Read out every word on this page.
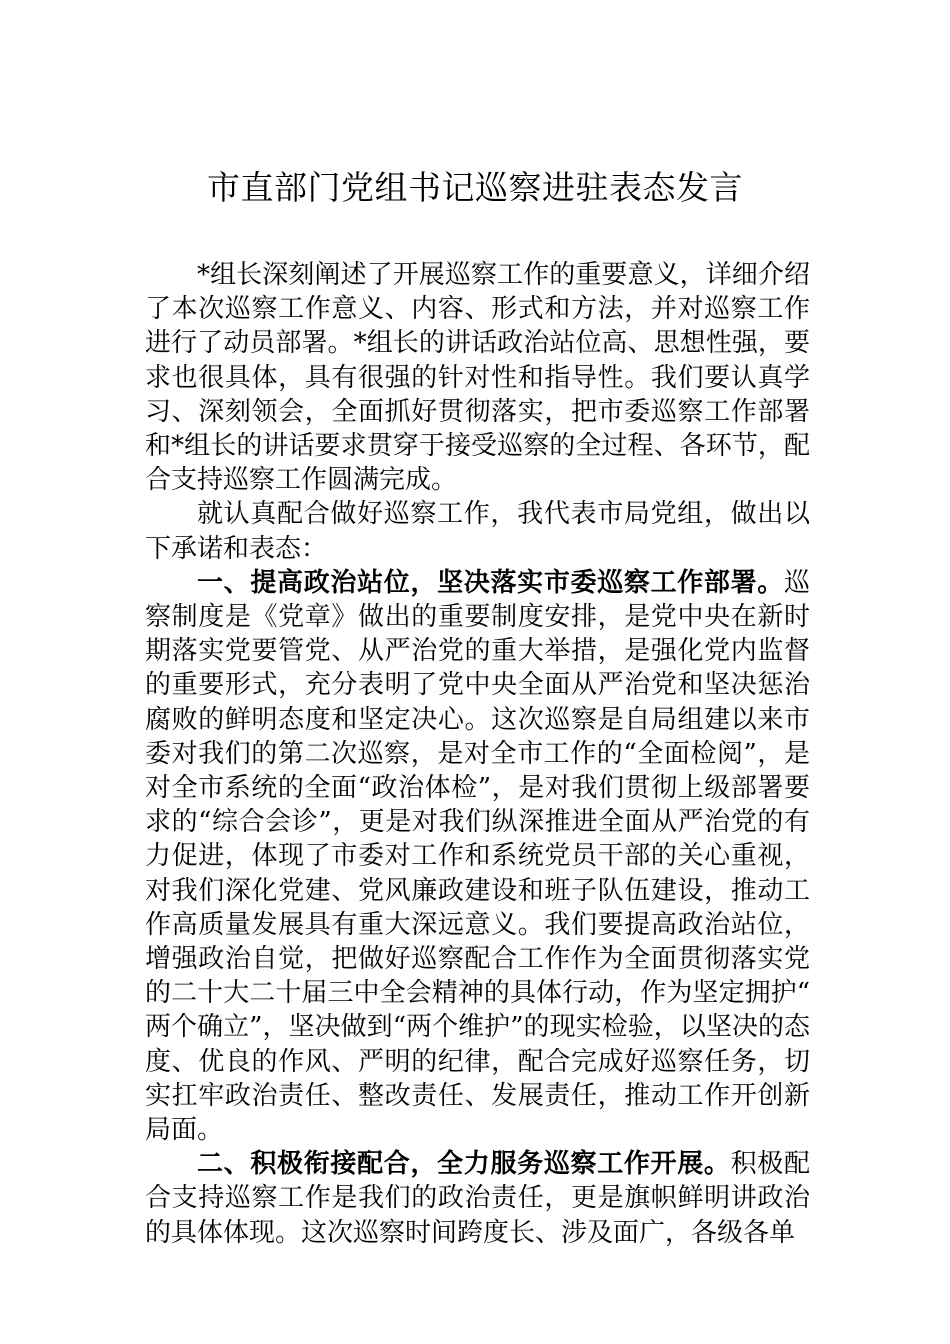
市直部门党组书记巡察进驻表态发言

*组长深刻阐述了开展巡察工作的重要意义，详细介绍了本次巡察工作意义、内容、形式和方法，并对巡察工作进行了动员部署。*组长的讲话政治站位高、思想性强，要求也很具体，具有很强的针对性和指导性。我们要认真学习、深刻领会，全面抓好贯彻落实，把市委巡察工作部署和*组长的讲话要求贯穿于接受巡察的全过程、各环节，配合支持巡察工作圆满完成。

就认真配合做好巡察工作，我代表市局党组，做出以下承诺和表态：

一、提高政治站位，坚决落实市委巡察工作部署。巡察制度是《党章》做出的重要制度安排，是党中央在新时期落实党要管党、从严治党的重大举措，是强化党内监督的重要形式，充分表明了党中央全面从严治党和坚决惩治腐败的鲜明态度和坚定决心。这次巡察是自局组建以来市委对我们的第二次巡察，是对全市工作的“全面检阅”，是对全市系统的全面“政治体检”，是对我们贯彻上级部署要求的“综合会诊”，更是对我们纵深推进全面从严治党的有力促进，体现了市委对工作和系统党员干部的关心重视，对我们深化党建、党风廉政建设和班子队伍建设，推动工作高质量发展具有重大深远意义。我们要提高政治站位，增强政治自觉，把做好巡察配合工作作为全面贯彻落实党的二十大二十届三中全会精神的具体行动，作为坚定拥护“两个确立”，坚决做到“两个维护”的现实检验，以坚决的态度、优良的作风、严明的纪律，配合完成好巡察任务，切实扛牢政治责任、整改责任、发展责任，推动工作开创新局面。

二、积极衔接配合，全力服务巡察工作开展。积极配合支持巡察工作是我们的政治责任，更是旗帜鲜明讲政治的具体体现。这次巡察时间跨度长、涉及面广，各级各单
